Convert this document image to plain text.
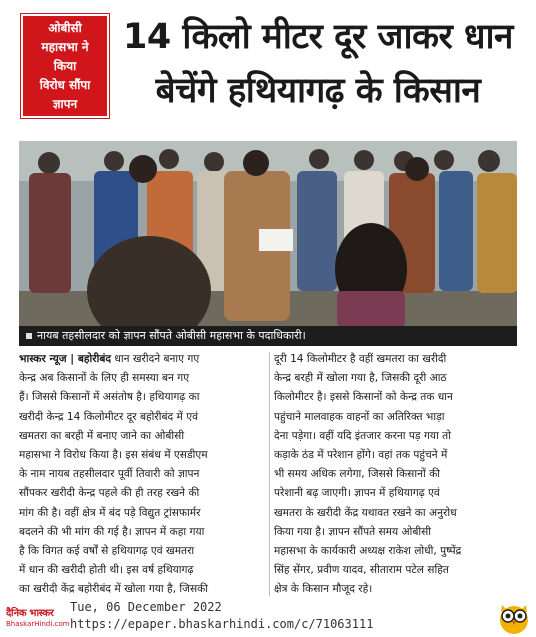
ओबीसी
महासभा ने
किया
विरोध सौंपा
ज्ञापन
14 किलो मीटर दूर जाकर धान
बेचेंगे हथियागढ़ के किसान
नायब तहसीलदार को ज्ञापन सौंपते ओबीसी महासभा के पदाधिकारी।
भास्कर न्यूज | बहोरीबंद धान खरीदने बनाए गए
केन्द्र अब किसानों के लिए ही समस्या बन गए
हैं। जिससे किसानों में असंतोष है। हथियागढ़ का
खरीदी केन्द्र 14 किलोमीटर दूर बहोरीबंद में एवं
खमतरा का बरही में बनाए जाने का ओबीसी
महासभा ने विरोध किया है। इस संबंध में एसडीएम
के नाम नायब तहसीलदार पूर्वी तिवारी को ज्ञापन
सौंपकर खरीदी केन्द्र पहले की ही तरह रखने की
मांग की है। वहीं क्षेत्र में बंद पड़े विद्युत ट्रांसफार्मर
बदलने की भी मांग की गई है। ज्ञापन में कहा गया
है कि विगत कई वर्षों से हथियागढ़ एवं खमतरा
में धान की खरीदी होती थी। इस वर्ष हथियागढ़
का खरीदी केंद्र बहोरीबंद में खोला गया है, जिसकी
दूरी 14 किलोमीटर है वहीं खमतरा का खरीदी
केन्द्र बरही में खोला गया है, जिसकी दूरी आठ
किलोमीटर है। इससे किसानों को केन्द्र तक धान
पहुंचाने मालवाहक वाहनों का अतिरिक्त भाड़ा
देना पड़ेगा। वहीं यदि इंतजार करना पड़ गया तो
कड़ाके ठंड में परेशान होंगे। वहां तक पहुंचने में
भी समय अधिक लगेगा, जिससे किसानों की
परेशानी बढ़ जाएगी। ज्ञापन में हथियागढ़ एवं
खमतरा के खरीदी केंद्र यथावत रखने का अनुरोध
किया गया है। ज्ञापन सौंपते समय ओबीसी
महासभा के कार्यकारी अध्यक्ष राकेश लोधी, पुष्पेंद्र
सिंह सेंगर, प्रवीण यादव, सीताराम पटेल सहित
क्षेत्र के किसान मौजूद रहे।
दैनिक भास्कर
BhaskarHindi.com
Tue, 06 December 2022
https://epaper.bhaskarhindi.com/c/71063111
